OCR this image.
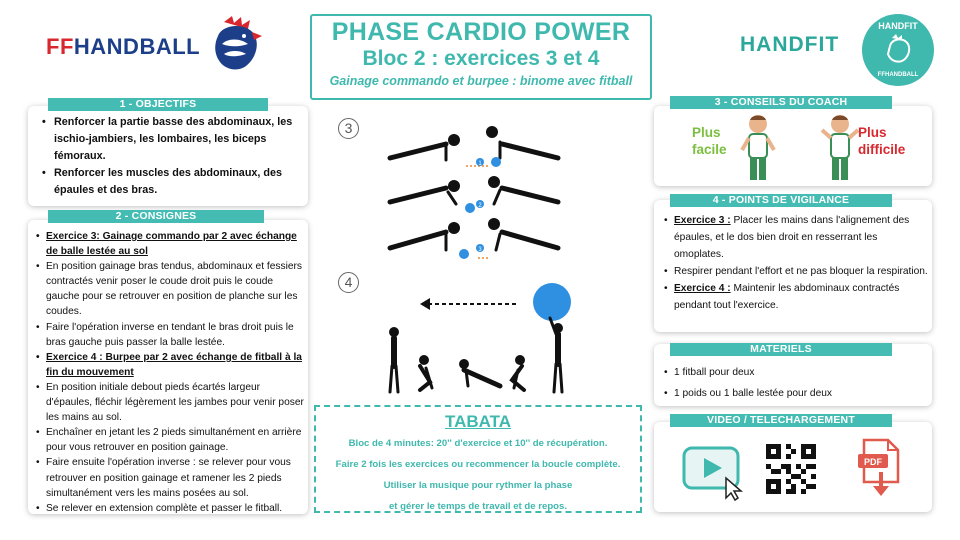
FFHANDBALL
PHASE CARDIO POWER
Bloc 2 : exercices 3 et 4
Gainage commando et burpee : binome avec fitball
HANDFIT
HANDFIT
FFHANDBALL
• Renforcer la partie basse des abdominaux, les ischio-jambiers, les lombaires, les biceps fémoraux.
• Renforcer les muscles des abdominaux, des épaules et des bras.
1 - OBJECTIFS
• Exercice 3: Gainage commando par 2 avec échange de balle lestée au sol
• En position gainage bras tendus, abdominaux et fessiers contractés venir poser le coude droit puis le coude gauche pour se retrouver en position de planche sur les coudes.
• Faire l'opération inverse en tendant le bras droit puis le bras gauche puis passer la balle lestée.
• Exercice 4 : Burpee par 2 avec échange de fitball à la fin du mouvement
• En position initiale debout pieds écartés largeur d'épaules, fléchir légèrement les jambes pour venir poser les mains au sol.
• Enchaîner en jetant les 2 pieds simultanément en arrière pour vous retrouver en position gainage.
• Faire ensuite l'opération inverse : se relever pour vous retrouver en position gainage et ramener les 2 pieds simultanément vers les mains posées au sol.
• Se relever en extension complète et passer le fitball.
2 - CONSIGNES
3
4
1
2
3
TABATA
Bloc de 4 minutes: 20'' d'exercice et 10'' de récupération.
Faire 2 fois les exercices ou recommencer la boucle complète.
Utiliser la musique pour rythmer la phase
et gérer le temps de travail et de repos.
Plus
facile
Plus
difficile
3 - CONSEILS DU COACH
• Exercice 3 : Placer les mains dans l'alignement des épaules, et le dos bien droit en resserrant les omoplates.
• Respirer pendant l'effort et ne pas bloquer la respiration.
• Exercice 4 : Maintenir les abdominaux contractés pendant tout l'exercice.
4 - POINTS DE VIGILANCE
• 1 fitball pour deux
• 1 poids ou 1 balle lestée pour deux
MATERIELS
PDF
VIDEO / TELECHARGEMENT
